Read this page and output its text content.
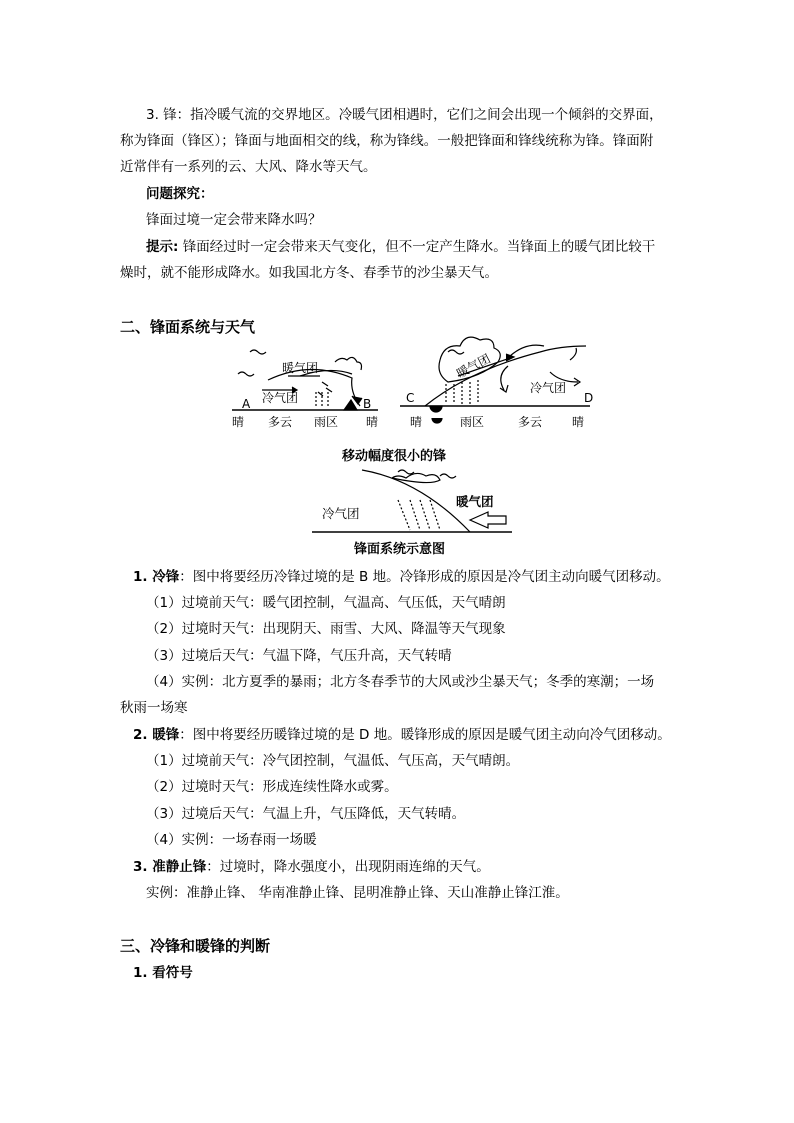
3. 锋：指冷暖气流的交界地区。冷暖气团相遇时，它们之间会出现一个倾斜的交界面，
称为锋面（锋区）；锋面与地面相交的线，称为锋线。一般把锋面和锋线统称为锋。锋面附
近常伴有一系列的云、大风、降水等天气。
问题探究：
锋面过境一定会带来降水吗？
提示: 锋面经过时一定会带来天气变化，但不一定产生降水。当锋面上的暖气团比较干
燥时，就不能形成降水。如我国北方冬、春季节的沙尘暴天气。
二、锋面系统与天气
暖气团
冷气团
A	B
晴 多云 雨区 晴
暖气团
冷气团
C	D
晴	雨区	多云 晴
移动幅度很小的锋
冷气团
暖气团
锋面系统示意图
1. 冷锋：图中将要经历冷锋过境的是 B 地。冷锋形成的原因是冷气团主动向暖气团移动。
（1）过境前天气：暖气团控制，气温高、气压低，天气晴朗
（2）过境时天气：出现阴天、雨雪、大风、降温等天气现象
（3）过境后天气：气温下降，气压升高，天气转晴
（4）实例：北方夏季的暴雨；北方冬春季节的大风或沙尘暴天气；冬季的寒潮；一场
秋雨一场寒
2. 暖锋：图中将要经历暖锋过境的是 D 地。暖锋形成的原因是暖气团主动向冷气团移动。
（1）过境前天气：冷气团控制，气温低、气压高，天气晴朗。
（2）过境时天气：形成连续性降水或雾。
（3）过境后天气：气温上升，气压降低，天气转晴。
（4）实例：一场春雨一场暖
3. 准静止锋：过境时，降水强度小，出现阴雨连绵的天气。
实例：准静止锋、 华南准静止锋、昆明准静止锋、天山准静止锋江淮。
三、冷锋和暖锋的判断
1. 看符号
